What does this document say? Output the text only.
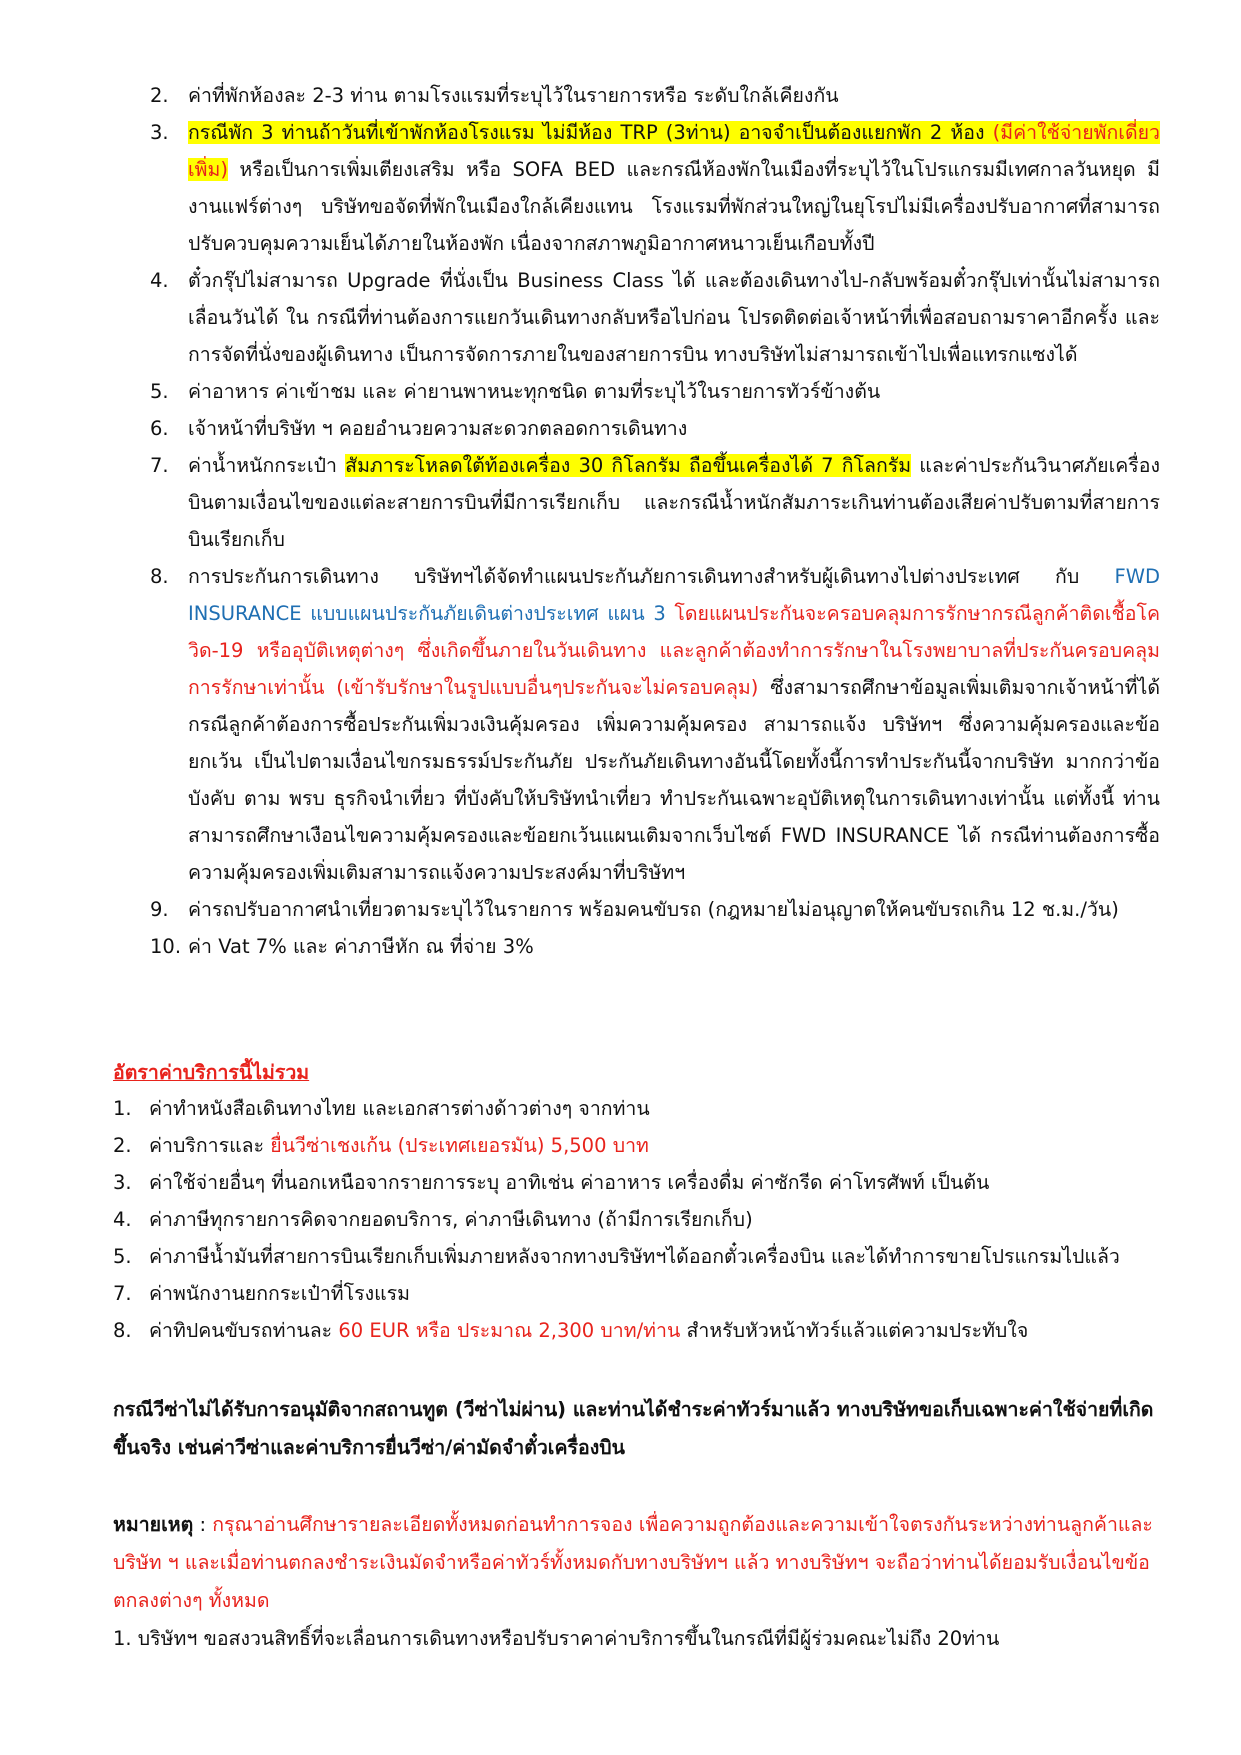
2. ค่าที่พักห้องละ 2-3 ท่าน ตามโรงแรมที่ระบุไว้ในรายการหรือ ระดับใกล้เคียงกัน
3. กรณีพัก 3 ท่านถ้าวันที่เข้าพักห้องโรงแรม ไม่มีห้อง TRP (3ท่าน) อาจจำเป็นต้องแยกพัก 2 ห้อง (มีค่าใช้จ่ายพักเดี่ยวเพิ่ม) หรือเป็นการเพิ่มเตียงเสริม หรือ SOFA BED และกรณีห้องพักในเมืองที่ระบุไว้ในโปรแกรมมีเทศกาลวันหยุด มีงานแฟร์ต่างๆ บริษัทขอจัดที่พักในเมืองใกล้เคียงแทน โรงแรมที่พักส่วนใหญ่ในยุโรปไม่มีเครื่องปรับอากาศที่สามารถปรับควบคุมความเย็นได้ภายในห้องพัก เนื่องจากสภาพภูมิอากาศหนาวเย็นเกือบทั้งปี
4. ตั๋วกรุ๊ปไม่สามารถ Upgrade ที่นั่งเป็น Business Class ได้ และต้องเดินทางไป-กลับพร้อมตั๋วกรุ๊ปเท่านั้นไม่สามารถเลื่อนวันได้ ใน กรณีที่ท่านต้องการแยกวันเดินทางกลับหรือไปก่อน โปรดติดต่อเจ้าหน้าที่เพื่อสอบถามราคาอีกครั้ง และการจัดที่นั่งของผู้เดินทาง เป็นการจัดการภายในของสายการบิน ทางบริษัทไม่สามารถเข้าไปเพื่อแทรกแซงได้
5. ค่าอาหาร ค่าเข้าชม และ ค่ายานพาหนะทุกชนิด ตามที่ระบุไว้ในรายการทัวร์ข้างต้น
6. เจ้าหน้าที่บริษัท ฯ คอยอำนวยความสะดวกตลอดการเดินทาง
7. ค่าน้ำหนักกระเป๋า สัมภาระโหลดใต้ท้องเครื่อง 30 กิโลกรัม ถือขึ้นเครื่องได้ 7 กิโลกรัม และค่าประกันวินาศภัยเครื่องบินตามเงื่อนไขของแต่ละสายการบินที่มีการเรียกเก็บ และกรณีน้ำหนักสัมภาระเกินท่านต้องเสียค่าปรับตามที่สายการบินเรียกเก็บ
8. การประกันการเดินทาง บริษัทฯได้จัดทำแผนประกันภัยการเดินทางสำหรับผู้เดินทางไปต่างประเทศ กับ FWD INSURANCE แบบแผนประกันภัยเดินต่างประเทศ แผน 3 โดยแผนประกันจะครอบคลุมการรักษากรณีลูกค้าติดเชื้อโควิด-19 หรืออุบัติเหตุต่างๆ ซึ่งเกิดขึ้นภายในวันเดินทาง และลูกค้าต้องทำการรักษาในโรงพยาบาลที่ประกันครอบคลุมการรักษาเท่านั้น (เข้ารับรักษาในรูปแบบอื่นๆประกันจะไม่ครอบคลุม) ซึ่งสามารถศึกษาข้อมูลเพิ่มเติมจากเจ้าหน้าที่ได้ กรณีลูกค้าต้องการซื้อประกันเพิ่มวงเงินคุ้มครอง เพิ่มความคุ้มครอง สามารถแจ้ง บริษัทฯ ซึ่งความคุ้มครองและข้อยกเว้น เป็นไปตามเงื่อนไขกรมธรรม์ประกันภัย ประกันภัยเดินทางอันนี้โดยทั้งนี้การทำประกันนี้จากบริษัท มากกว่าข้อบังคับ ตาม พรบ ธุรกิจนำเที่ยว ที่บังคับให้บริษัทนำเที่ยว ทำประกันเฉพาะอุบัติเหตุในการเดินทางเท่านั้น แต่ทั้งนี้ ท่านสามารถศึกษาเงือนไขความคุ้มครองและข้อยกเว้นแผนเติมจากเว็บไซต์ FWD INSURANCE ได้ กรณีท่านต้องการซื้อความคุ้มครองเพิ่มเติมสามารถแจ้งความประสงค์มาที่บริษัทฯ
9. ค่ารถปรับอากาศนำเที่ยวตามระบุไว้ในรายการ พร้อมคนขับรถ (กฎหมายไม่อนุญาตให้คนขับรถเกิน 12 ช.ม./วัน)
10. ค่า Vat 7% และ ค่าภาษีหัก ณ ที่จ่าย 3%
อัตราค่าบริการนี้ไม่รวม
1. ค่าทำหนังสือเดินทางไทย และเอกสารต่างด้าวต่างๆ จากท่าน
2. ค่าบริการและ ยื่นวีซ่าเชงเก้น (ประเทศเยอรมัน) 5,500 บาท
3. ค่าใช้จ่ายอื่นๆ ที่นอกเหนือจากรายการระบุ อาทิเช่น ค่าอาหาร เครื่องดื่ม ค่าซักรีด ค่าโทรศัพท์ เป็นต้น
4. ค่าภาษีทุกรายการคิดจากยอดบริการ, ค่าภาษีเดินทาง (ถ้ามีการเรียกเก็บ)
5. ค่าภาษีน้ำมันที่สายการบินเรียกเก็บเพิ่มภายหลังจากทางบริษัทฯได้ออกตั๋วเครื่องบิน และได้ทำการขายโปรแกรมไปแล้ว
7. ค่าพนักงานยกกระเป๋าที่โรงแรม
8. ค่าทิปคนขับรถท่านละ 60 EUR หรือ ประมาณ 2,300 บาท/ท่าน สำหรับหัวหน้าทัวร์แล้วแต่ความประทับใจ
กรณีวีซ่าไม่ได้รับการอนุมัติจากสถานทูต (วีซ่าไม่ผ่าน) และท่านได้ชำระค่าทัวร์มาแล้ว ทางบริษัทขอเก็บเฉพาะค่าใช้จ่ายที่เกิดขึ้นจริง เช่นค่าวีซ่าและค่าบริการยื่นวีซ่า/ค่ามัดจำตั๋วเครื่องบิน
หมายเหตุ : กรุณาอ่านศึกษารายละเอียดทั้งหมดก่อนทำการจอง เพื่อความถูกต้องและความเข้าใจตรงกันระหว่างท่านลูกค้าและบริษัท ฯ และเมื่อท่านตกลงชำระเงินมัดจำหรือค่าทัวร์ทั้งหมดกับทางบริษัทฯ แล้ว ทางบริษัทฯ จะถือว่าท่านได้ยอมรับเงื่อนไขข้อตกลงต่างๆ ทั้งหมด
1. บริษัทฯ ขอสงวนสิทธิ์ที่จะเลื่อนการเดินทางหรือปรับราคาค่าบริการขึ้นในกรณีที่มีผู้ร่วมคณะไม่ถึง 20ท่าน
